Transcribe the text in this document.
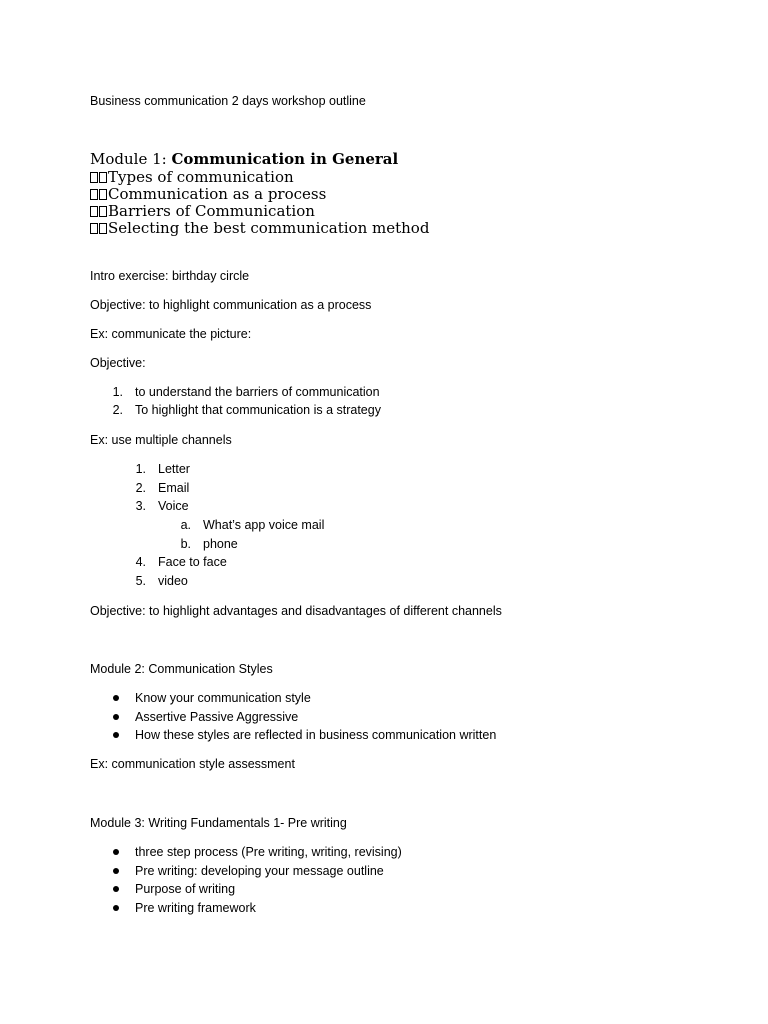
Business communication 2 days workshop outline
Module 1: Communication in General
Types of communication
Communication as a process
Barriers of Communication
Selecting the best communication method
Intro exercise: birthday circle
Objective: to highlight communication as a process
Ex: communicate the picture:
Objective:
1. to understand the barriers of communication
2. To highlight that communication is a strategy
Ex: use multiple channels
1. Letter
2. Email
3. Voice
a. What’s app voice mail
b. phone
4. Face to face
5. video
Objective: to highlight advantages and disadvantages of different channels
Module 2: Communication Styles
Know your communication style
Assertive Passive Aggressive
How these styles are reflected in business communication written
Ex: communication style assessment
Module 3: Writing Fundamentals 1- Pre writing
three step process (Pre writing, writing, revising)
Pre writing: developing your message outline
Purpose of writing
Pre writing framework
